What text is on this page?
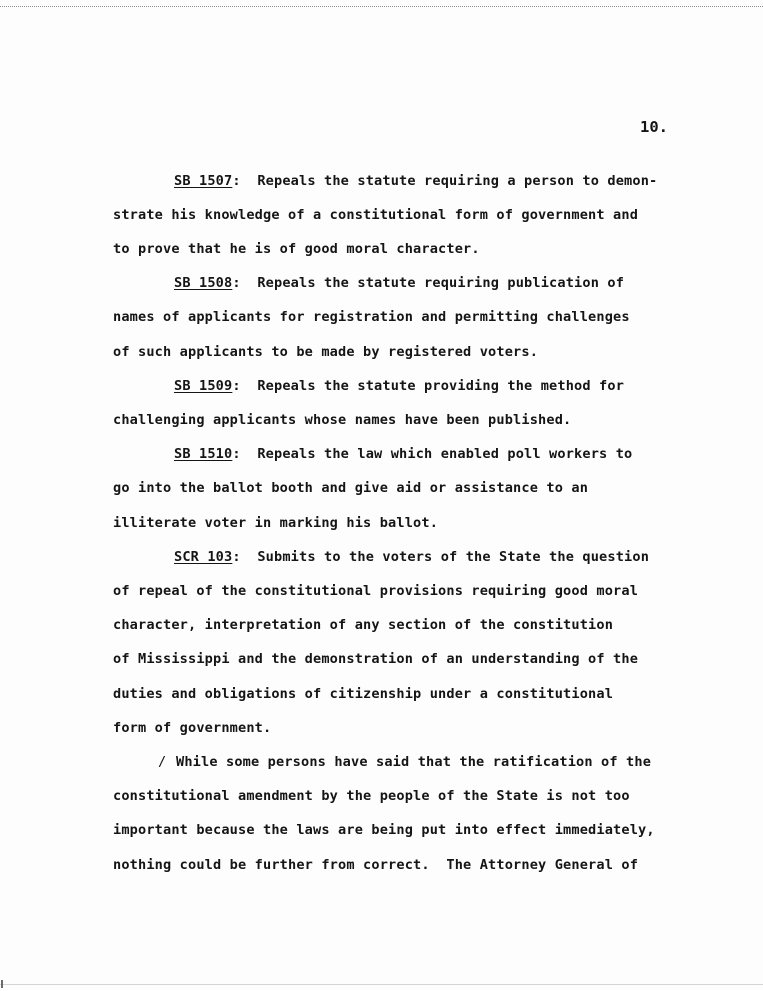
10.
SB 1507:  Repeals the statute requiring a person to demon-
strate his knowledge of a constitutional form of government and
to prove that he is of good moral character.
SB 1508:  Repeals the statute requiring publication of
names of applicants for registration and permitting challenges
of such applicants to be made by registered voters.
SB 1509:  Repeals the statute providing the method for
challenging applicants whose names have been published.
SB 1510:  Repeals the law which enabled poll workers to
go into the ballot booth and give aid or assistance to an
illiterate voter in marking his ballot.
SCR 103:  Submits to the voters of the State the question
of repeal of the constitutional provisions requiring good moral
character, interpretation of any section of the constitution
of Mississippi and the demonstration of an understanding of the
duties and obligations of citizenship under a constitutional
form of government.
/ While some persons have said that the ratification of the
constitutional amendment by the people of the State is not too
important because the laws are being put into effect immediately,
nothing could be further from correct.  The Attorney General of
